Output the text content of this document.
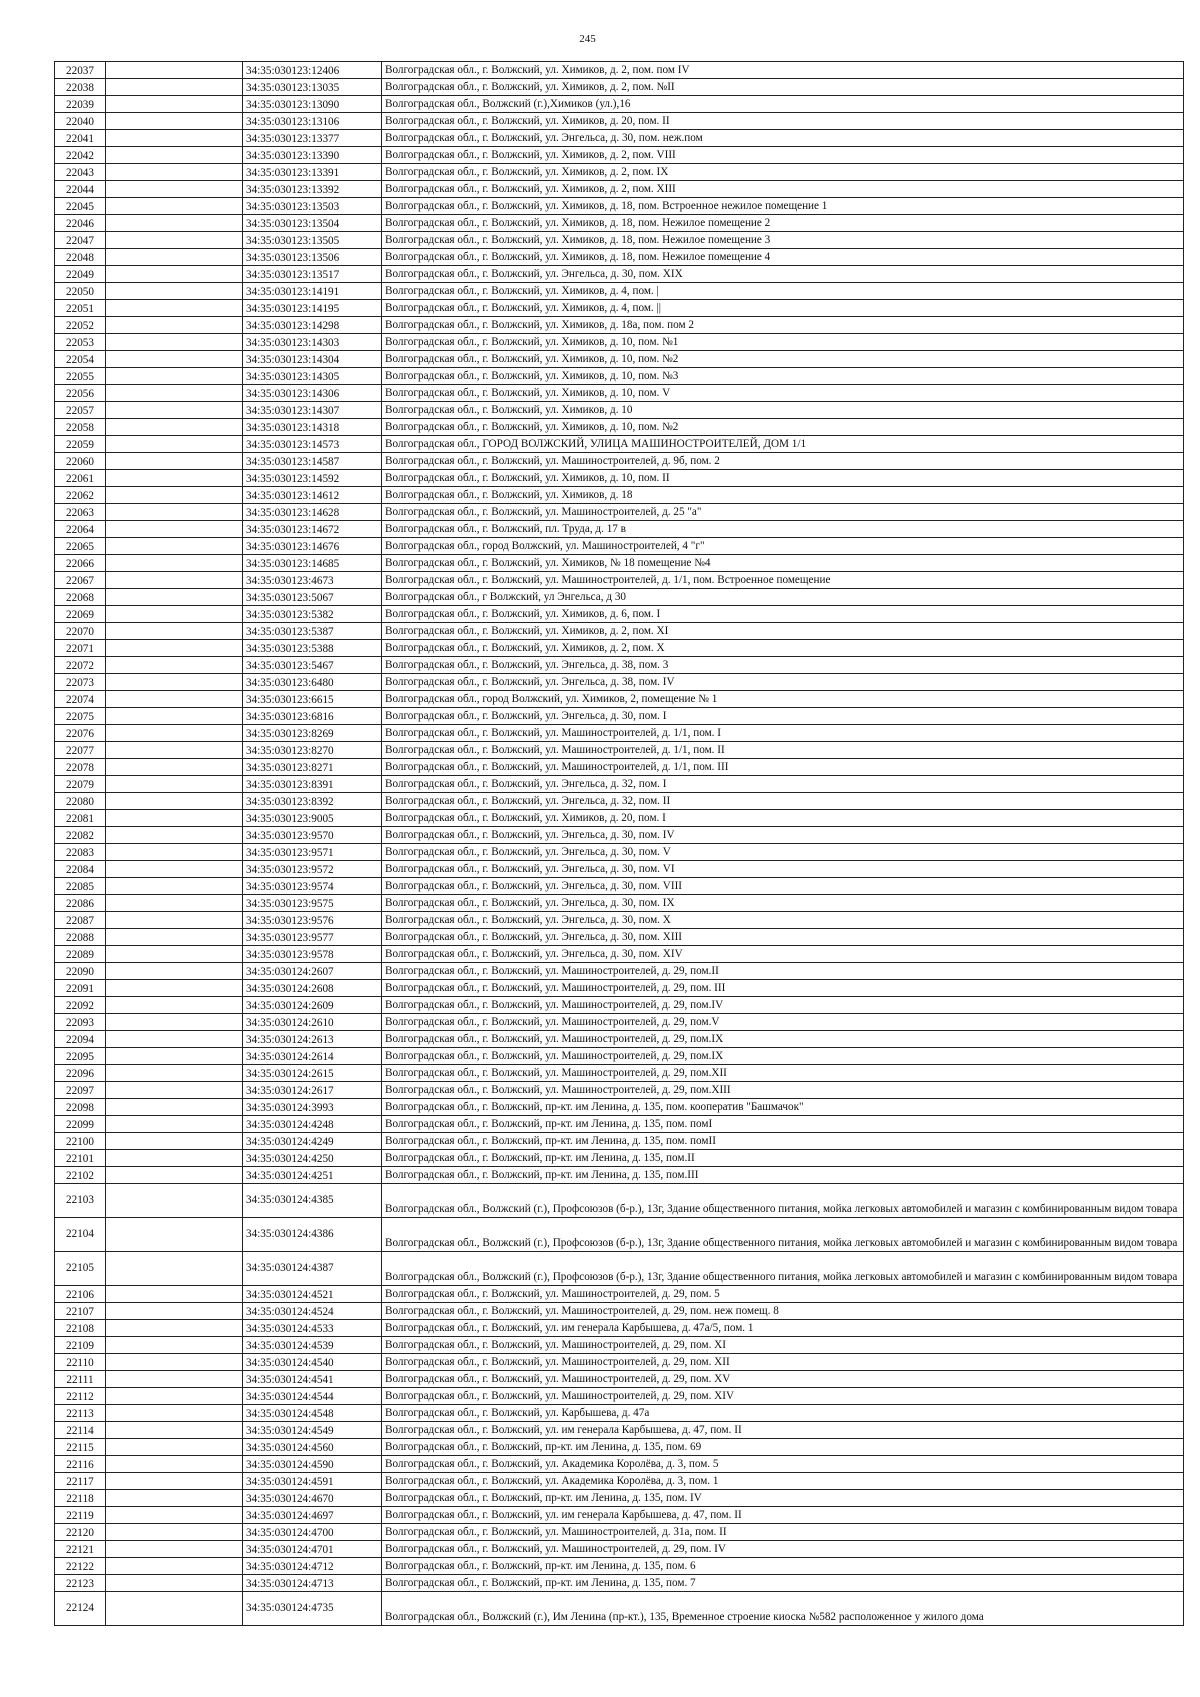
245
22037		34:35:030123:12406	Волгоградская обл., г. Волжский, ул. Химиков, д. 2, пом. пом IV
22038		34:35:030123:13035	Волгоградская обл., г. Волжский, ул. Химиков, д. 2, пом. №II
22039		34:35:030123:13090	Волгоградская обл., Волжский (г.),Химиков (ул.),16
22040		34:35:030123:13106	Волгоградская обл., г. Волжский, ул. Химиков, д. 20, пом. II
22041		34:35:030123:13377	Волгоградская обл., г. Волжский, ул. Энгельса, д. 30, пом. неж.пом
22042		34:35:030123:13390	Волгоградская обл., г. Волжский, ул. Химиков, д. 2, пом. VIII
22043		34:35:030123:13391	Волгоградская обл., г. Волжский, ул. Химиков, д. 2, пом. IX
22044		34:35:030123:13392	Волгоградская обл., г. Волжский, ул. Химиков, д. 2, пом. XIII
22045		34:35:030123:13503	Волгоградская обл., г. Волжский, ул. Химиков, д. 18, пом. Встроенное нежилое помещение 1
22046		34:35:030123:13504	Волгоградская обл., г. Волжский, ул. Химиков, д. 18, пом. Нежилое помещение 2
22047		34:35:030123:13505	Волгоградская обл., г. Волжский, ул. Химиков, д. 18, пом. Нежилое помещение 3
22048		34:35:030123:13506	Волгоградская обл., г. Волжский, ул. Химиков, д. 18, пом. Нежилое помещение 4
22049		34:35:030123:13517	Волгоградская обл., г. Волжский, ул. Энгельса, д. 30, пом. XIX
22050		34:35:030123:14191	Волгоградская обл., г. Волжский, ул. Химиков, д. 4, пом. |
22051		34:35:030123:14195	Волгоградская обл., г. Волжский, ул. Химиков, д. 4, пом. ||
22052		34:35:030123:14298	Волгоградская обл., г. Волжский, ул. Химиков, д. 18а, пом. пом 2
22053		34:35:030123:14303	Волгоградская обл., г. Волжский, ул. Химиков, д. 10, пом. №1
22054		34:35:030123:14304	Волгоградская обл., г. Волжский, ул. Химиков, д. 10, пом. №2
22055		34:35:030123:14305	Волгоградская обл., г. Волжский, ул. Химиков, д. 10, пом. №3
22056		34:35:030123:14306	Волгоградская обл., г. Волжский, ул. Химиков, д. 10, пом. V
22057		34:35:030123:14307	Волгоградская обл., г. Волжский, ул. Химиков, д. 10
22058		34:35:030123:14318	Волгоградская обл., г. Волжский, ул. Химиков, д. 10, пом. №2
22059		34:35:030123:14573	Волгоградская обл., ГОРОД ВОЛЖСКИЙ, УЛИЦА МАШИНОСТРОИТЕЛЕЙ, ДОМ 1/1
22060		34:35:030123:14587	Волгоградская обл., г. Волжский, ул. Машиностроителей, д. 9б, пом. 2
22061		34:35:030123:14592	Волгоградская обл., г. Волжский, ул. Химиков, д. 10, пом. II
22062		34:35:030123:14612	Волгоградская обл., г. Волжский, ул. Химиков, д. 18
22063		34:35:030123:14628	Волгоградская обл., г. Волжский, ул. Машиностроителей, д. 25 "а"
22064		34:35:030123:14672	Волгоградская обл., г. Волжский, пл. Труда, д. 17 в
22065		34:35:030123:14676	Волгоградская обл., город Волжский, ул. Машиностроителей, 4 "г"
22066		34:35:030123:14685	Волгоградская обл., г. Волжский, ул. Химиков, № 18 помещение №4
22067		34:35:030123:4673	Волгоградская обл., г. Волжский, ул. Машиностроителей, д. 1/1, пом. Встроенное помещение
22068		34:35:030123:5067	Волгоградская обл., г Волжский, ул Энгельса, д 30
22069		34:35:030123:5382	Волгоградская обл., г. Волжский, ул. Химиков, д. 6, пом. I
22070		34:35:030123:5387	Волгоградская обл., г. Волжский, ул. Химиков, д. 2, пом. XI
22071		34:35:030123:5388	Волгоградская обл., г. Волжский, ул. Химиков, д. 2, пом. X
22072		34:35:030123:5467	Волгоградская обл., г. Волжский, ул. Энгельса, д. 38, пом. 3
22073		34:35:030123:6480	Волгоградская обл., г. Волжский, ул. Энгельса, д. 38, пом. IV
22074		34:35:030123:6615	Волгоградская обл., город Волжский, ул. Химиков, 2, помещение № 1
22075		34:35:030123:6816	Волгоградская обл., г. Волжский, ул. Энгельса, д. 30, пом. I
22076		34:35:030123:8269	Волгоградская обл., г. Волжский, ул. Машиностроителей, д. 1/1, пом. I
22077		34:35:030123:8270	Волгоградская обл., г. Волжский, ул. Машиностроителей, д. 1/1, пом. II
22078		34:35:030123:8271	Волгоградская обл., г. Волжский, ул. Машиностроителей, д. 1/1, пом. III
22079		34:35:030123:8391	Волгоградская обл., г. Волжский, ул. Энгельса, д. 32, пом. I
22080		34:35:030123:8392	Волгоградская обл., г. Волжский, ул. Энгельса, д. 32, пом. II
22081		34:35:030123:9005	Волгоградская обл., г. Волжский, ул. Химиков, д. 20, пом. I
22082		34:35:030123:9570	Волгоградская обл., г. Волжский, ул. Энгельса, д. 30, пом. IV
22083		34:35:030123:9571	Волгоградская обл., г. Волжский, ул. Энгельса, д. 30, пом. V
22084		34:35:030123:9572	Волгоградская обл., г. Волжский, ул. Энгельса, д. 30, пом. VI
22085		34:35:030123:9574	Волгоградская обл., г. Волжский, ул. Энгельса, д. 30, пом. VIII
22086		34:35:030123:9575	Волгоградская обл., г. Волжский, ул. Энгельса, д. 30, пом. IX
22087		34:35:030123:9576	Волгоградская обл., г. Волжский, ул. Энгельса, д. 30, пом. X
22088		34:35:030123:9577	Волгоградская обл., г. Волжский, ул. Энгельса, д. 30, пом. XIII
22089		34:35:030123:9578	Волгоградская обл., г. Волжский, ул. Энгельса, д. 30, пом. XIV
22090		34:35:030124:2607	Волгоградская обл., г. Волжский, ул. Машиностроителей, д. 29, пом.II
22091		34:35:030124:2608	Волгоградская обл., г. Волжский, ул. Машиностроителей, д. 29, пом. III
22092		34:35:030124:2609	Волгоградская обл., г. Волжский, ул. Машиностроителей, д. 29, пом.IV
22093		34:35:030124:2610	Волгоградская обл., г. Волжский, ул. Машиностроителей, д. 29, пом.V
22094		34:35:030124:2613	Волгоградская обл., г. Волжский, ул. Машиностроителей, д. 29, пом.IX
22095		34:35:030124:2614	Волгоградская обл., г. Волжский, ул. Машиностроителей, д. 29, пом.IX
22096		34:35:030124:2615	Волгоградская обл., г. Волжский, ул. Машиностроителей, д. 29, пом.XII
22097		34:35:030124:2617	Волгоградская обл., г. Волжский, ул. Машиностроителей, д. 29, пом.XIII
22098		34:35:030124:3993	Волгоградская обл., г. Волжский, пр-кт. им Ленина, д. 135, пом. кооператив "Башмачок"
22099		34:35:030124:4248	Волгоградская обл., г. Волжский, пр-кт. им Ленина, д. 135, пом. помI
22100		34:35:030124:4249	Волгоградская обл., г. Волжский, пр-кт. им Ленина, д. 135, пом. помII
22101		34:35:030124:4250	Волгоградская обл., г. Волжский, пр-кт. им Ленина, д. 135, пом.II
22102		34:35:030124:4251	Волгоградская обл., г. Волжский, пр-кт. им Ленина, д. 135, пом.III
22103		34:35:030124:4385	Волгоградская обл., Волжский (г.), Профсоюзов (б-р.), 13г, Здание общественного питания, мойка легковых автомобилей и магазин с комбинированным видом товара
22104		34:35:030124:4386	Волгоградская обл., Волжский (г.), Профсоюзов (б-р.), 13г, Здание общественного питания, мойка легковых автомобилей и магазин с комбинированным видом товара
22105		34:35:030124:4387	Волгоградская обл., Волжский (г.), Профсоюзов (б-р.), 13г, Здание общественного питания, мойка легковых автомобилей и магазин с комбинированным видом товара
22106		34:35:030124:4521	Волгоградская обл., г. Волжский, ул. Машиностроителей, д. 29, пом. 5
22107		34:35:030124:4524	Волгоградская обл., г. Волжский, ул. Машиностроителей, д. 29, пом. неж помещ. 8
22108		34:35:030124:4533	Волгоградская обл., г. Волжский, ул. им генерала Карбышева, д. 47а/5, пом. 1
22109		34:35:030124:4539	Волгоградская обл., г. Волжский, ул. Машиностроителей, д. 29, пом. XI
22110		34:35:030124:4540	Волгоградская обл., г. Волжский, ул. Машиностроителей, д. 29, пом. XII
22111		34:35:030124:4541	Волгоградская обл., г. Волжский, ул. Машиностроителей, д. 29, пом. XV
22112		34:35:030124:4544	Волгоградская обл., г. Волжский, ул. Машиностроителей, д. 29, пом. XIV
22113		34:35:030124:4548	Волгоградская обл., г. Волжский, ул. Карбышева, д. 47а
22114		34:35:030124:4549	Волгоградская обл., г. Волжский, ул. им генерала Карбышева, д. 47, пом. II
22115		34:35:030124:4560	Волгоградская обл., г. Волжский, пр-кт. им Ленина, д. 135, пом. 69
22116		34:35:030124:4590	Волгоградская обл., г. Волжский, ул. Академика Королёва, д. 3, пом. 5
22117		34:35:030124:4591	Волгоградская обл., г. Волжский, ул. Академика Королёва, д. 3, пом. 1
22118		34:35:030124:4670	Волгоградская обл., г. Волжский, пр-кт. им Ленина, д. 135, пом. IV
22119		34:35:030124:4697	Волгоградская обл., г. Волжский, ул. им генерала Карбышева, д. 47, пом. II
22120		34:35:030124:4700	Волгоградская обл., г. Волжский, ул. Машиностроителей, д. 31а, пом. II
22121		34:35:030124:4701	Волгоградская обл., г. Волжский, ул. Машиностроителей, д. 29, пом. IV
22122		34:35:030124:4712	Волгоградская обл., г. Волжский, пр-кт. им Ленина, д. 135, пом. 6
22123		34:35:030124:4713	Волгоградская обл., г. Волжский, пр-кт. им Ленина, д. 135, пом. 7
22124		34:35:030124:4735	Волгоградская обл., Волжский (г.), Им Ленина (пр-кт.), 135, Временное строение киоска №582 расположенное у жилого дома
